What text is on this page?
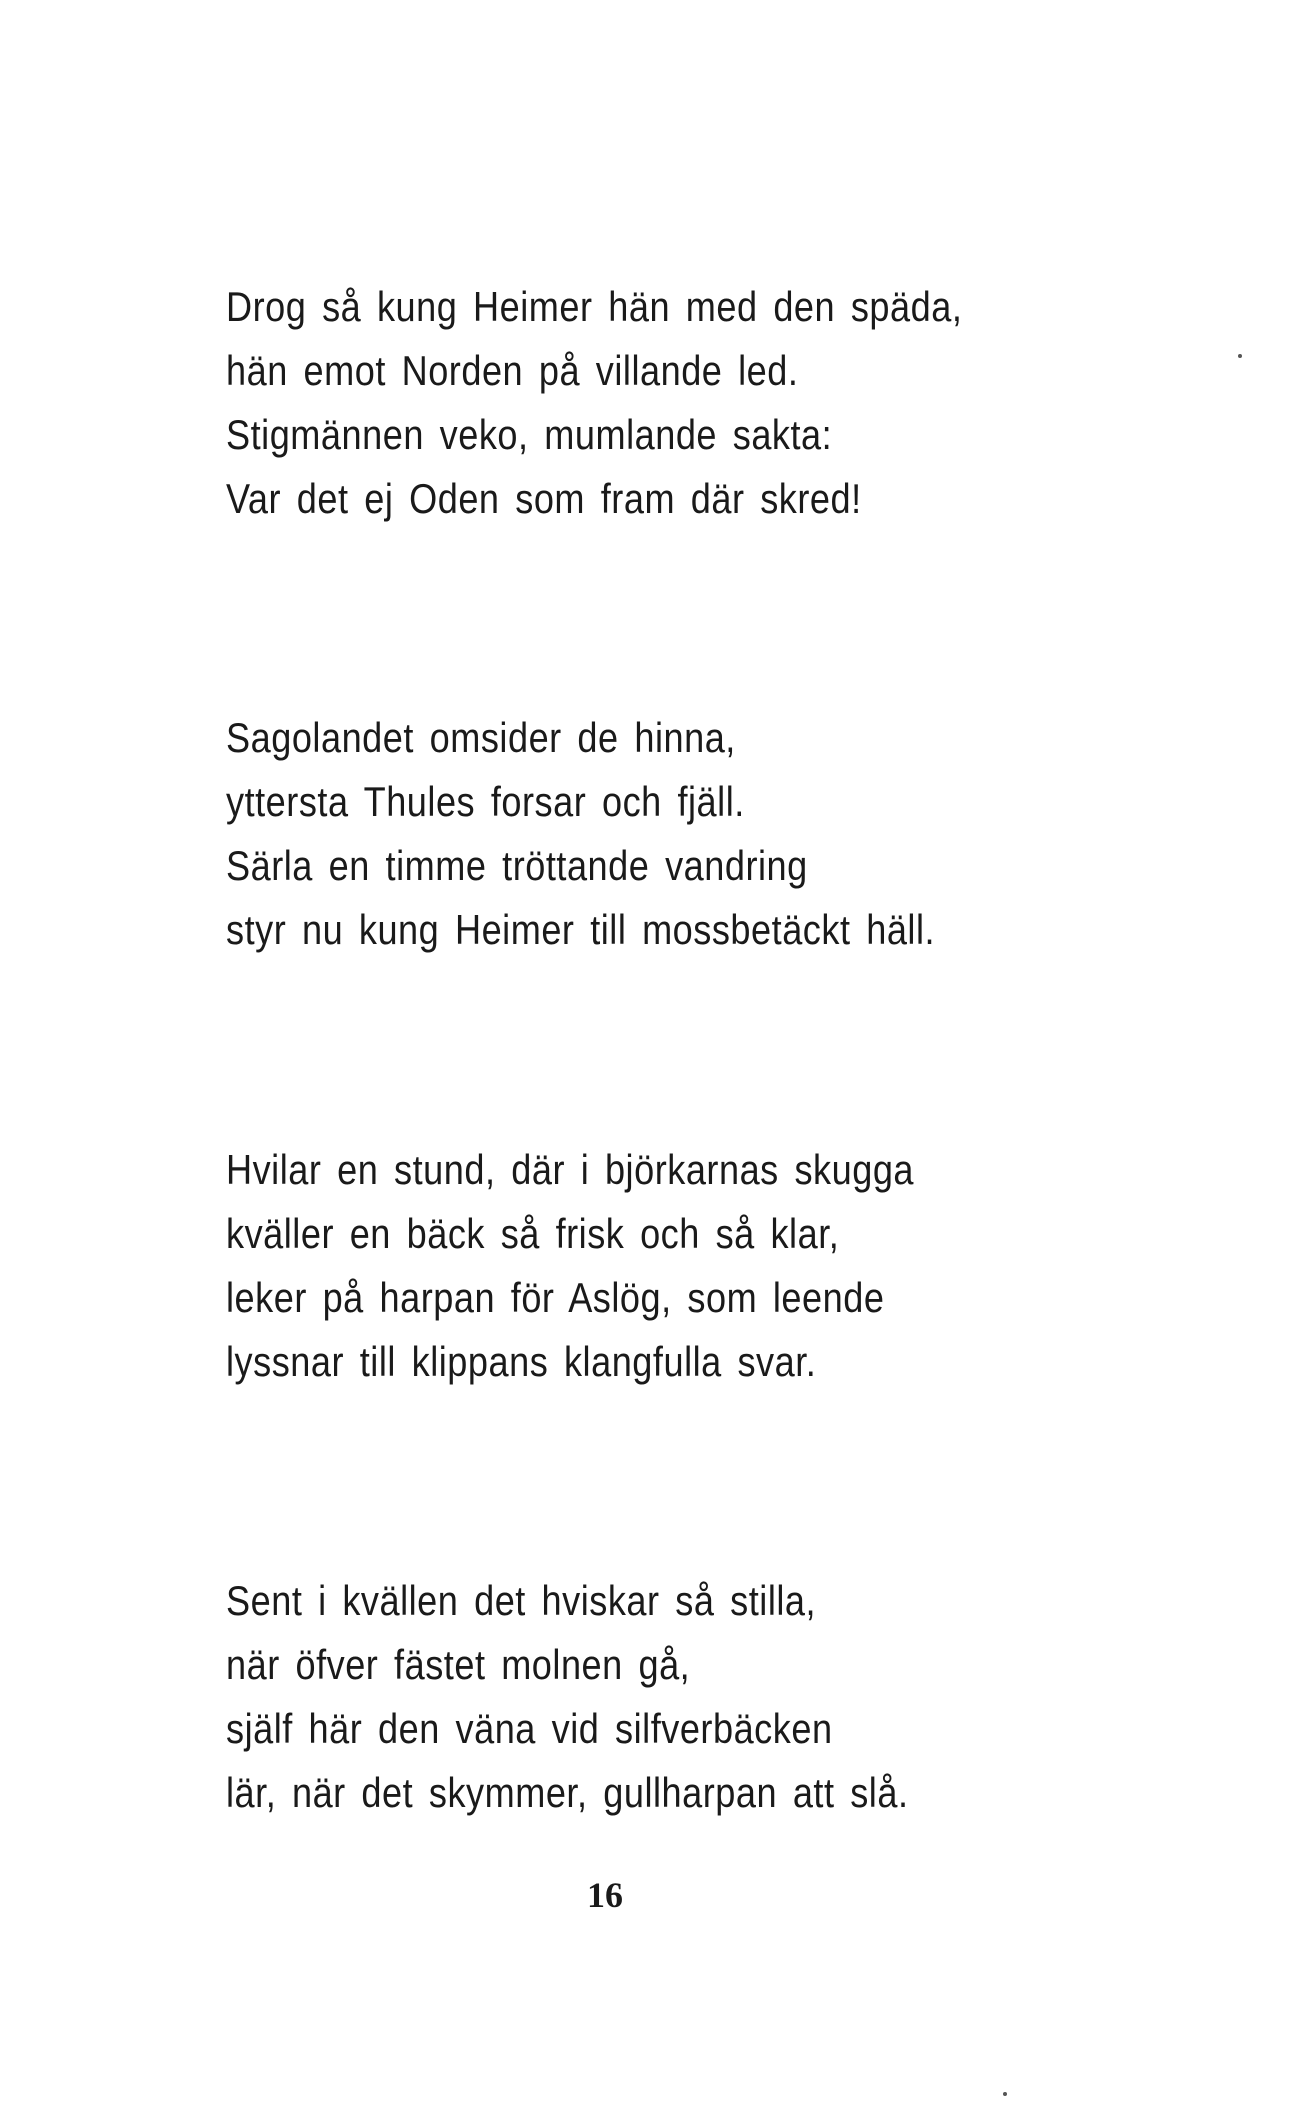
Drog så kung Heimer hän med den späda,
hän emot Norden på villande led.
Stigmännen veko, mumlande sakta:
Var det ej Oden som fram där skred!
Sagolandet omsider de hinna,
yttersta Thules forsar och fjäll.
Särla en timme tröttande vandring
styr nu kung Heimer till mossbetäckt häll.
Hvilar en stund, där i björkarnas skugga
kväller en bäck så frisk och så klar,
leker på harpan för Aslög, som leende
lyssnar till klippans klangfulla svar.
Sent i kvällen det hviskar så stilla,
när öfver fästet molnen gå,
själf här den väna vid silfverbäcken
lär, när det skymmer, gullharpan att slå.
16
